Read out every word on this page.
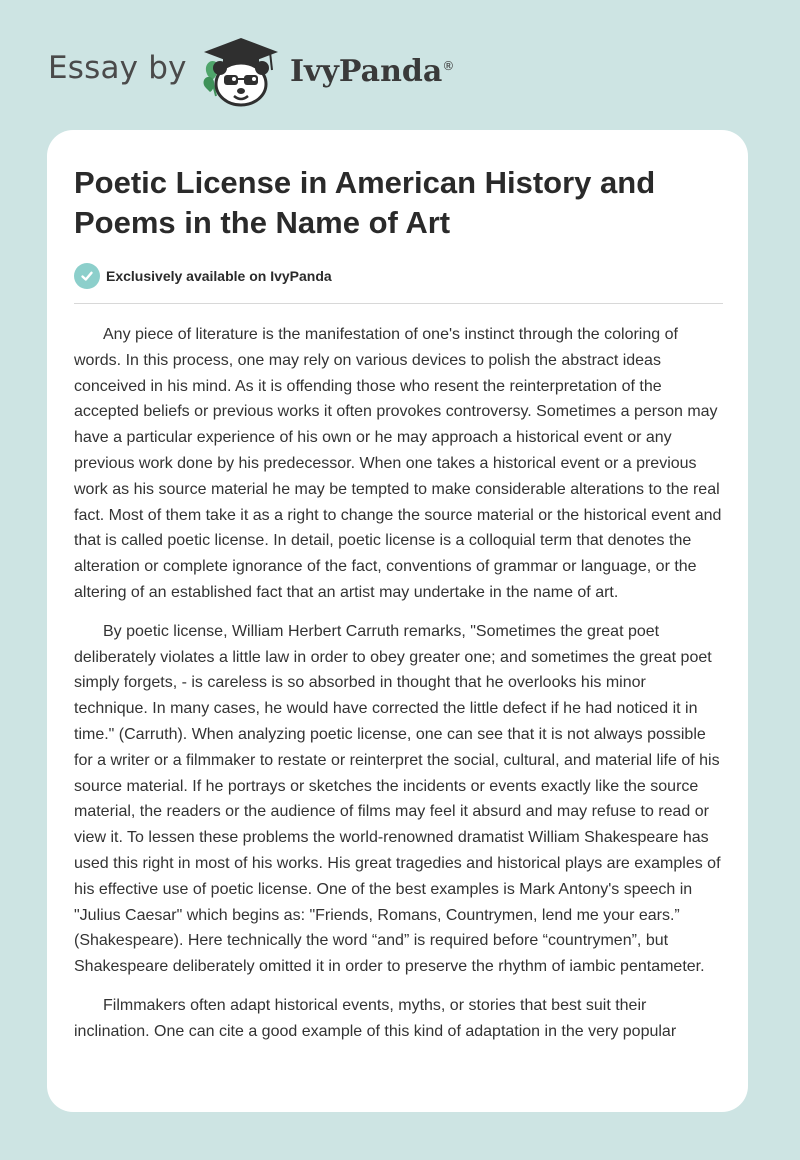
Essay by	IvyPanda®
Poetic License in American History and Poems in the Name of Art
Exclusively available on IvyPanda

Any piece of literature is the manifestation of one's instinct through the coloring of words. In this process, one may rely on various devices to polish the abstract ideas conceived in his mind. As it is offending those who resent the reinterpretation of the accepted beliefs or previous works it often provokes controversy. Sometimes a person may have a particular experience of his own or he may approach a historical event or any previous work done by his predecessor. When one takes a historical event or a previous work as his source material he may be tempted to make considerable alterations to the real fact. Most of them take it as a right to change the source material or the historical event and that is called poetic license. In detail, poetic license is a colloquial term that denotes the alteration or complete ignorance of the fact, conventions of grammar or language, or the altering of an established fact that an artist may undertake in the name of art.

By poetic license, William Herbert Carruth remarks, "Sometimes the great poet deliberately violates a little law in order to obey greater one; and sometimes the great poet simply forgets, - is careless is so absorbed in thought that he overlooks his minor technique. In many cases, he would have corrected the little defect if he had noticed it in time." (Carruth). When analyzing poetic license, one can see that it is not always possible for a writer or a filmmaker to restate or reinterpret the social, cultural, and material life of his source material. If he portrays or sketches the incidents or events exactly like the source material, the readers or the audience of films may feel it absurd and may refuse to read or view it. To lessen these problems the world-renowned dramatist William Shakespeare has used this right in most of his works. His great tragedies and historical plays are examples of his effective use of poetic license. One of the best examples is Mark Antony's speech in "Julius Caesar" which begins as: "Friends, Romans, Countrymen, lend me your ears.” (Shakespeare). Here technically the word “and” is required before “countrymen”, but Shakespeare deliberately omitted it in order to preserve the rhythm of iambic pentameter.

Filmmakers often adapt historical events, myths, or stories that best suit their inclination. One can cite a good example of this kind of adaptation in the very popular
